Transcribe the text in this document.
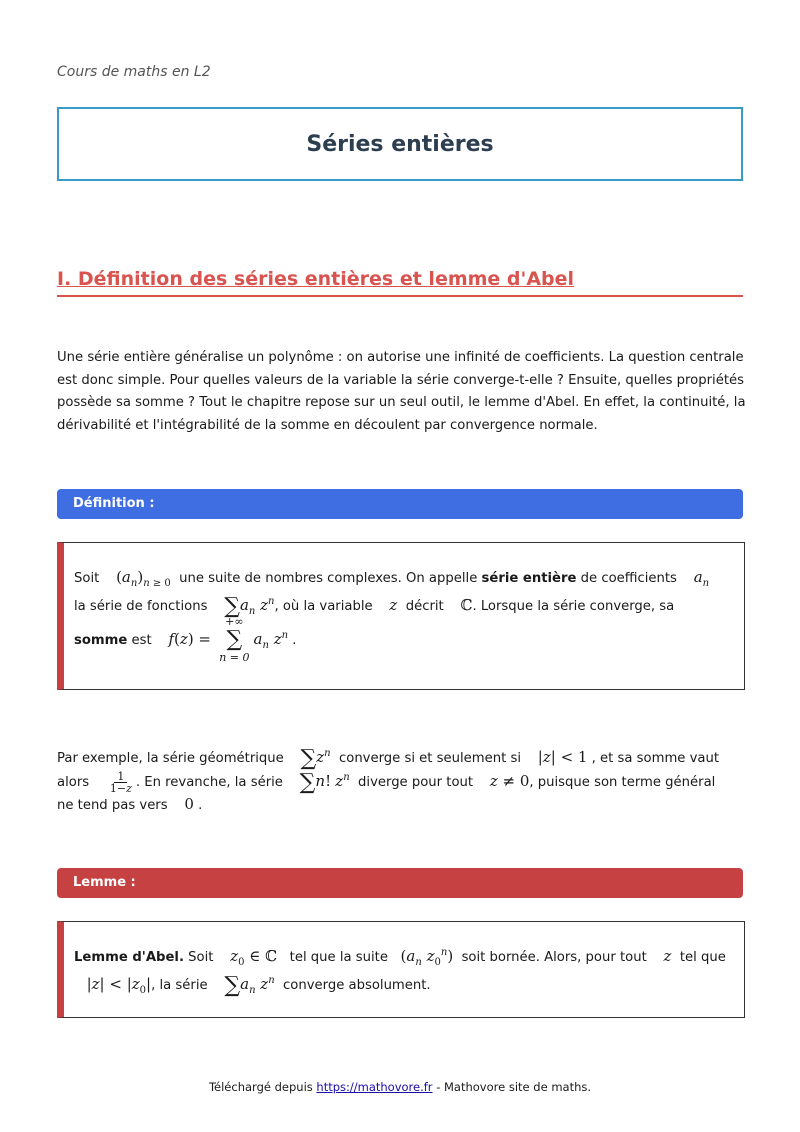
Cours de maths en L2
Séries entières
I. Définition des séries entières et lemme d'Abel
Une série entière généralise un polynôme : on autorise une infinité de coefficients. La question centrale est donc simple. Pour quelles valeurs de la variable la série converge-t-elle ? Ensuite, quelles propriétés possède sa somme ? Tout le chapitre repose sur un seul outil, le lemme d'Abel. En effet, la continuité, la dérivabilité et l'intégrabilité de la somme en découlent par convergence normale.
Définition :
Soit $(a_n)_{n \ge 0}$ une suite de nombres complexes. On appelle série entière de coefficients $a_n$
la série de fonctions $\sum a_n$ $z^n$, où la variable z décrit ℂ. Lorsque la série converge, sa
somme est f(z) =
+∞
∑
n = 0
$a_n$ $z^n$ .
Par exemple, la série géométrique $\sum z^n$ converge si et seulement si |z| < 1 , et sa somme vaut
alors $\frac{1}{1-z}$ . En revanche, la série ∑n! $z^n$ diverge pour tout z ≠ 0, puisque son terme général
ne tend pas vers 0 .
Lemme :
Lemme d'Abel. Soit $z_0$ ∈ ℂ tel que la suite ($a_n$ $z_0^n$) soit bornée. Alors, pour tout z tel que
$|z| < |z_0|$, la série $\sum a_n$ $z^n$ converge absolument.
Téléchargé depuis https://mathovore.fr - Mathovore site de maths.
